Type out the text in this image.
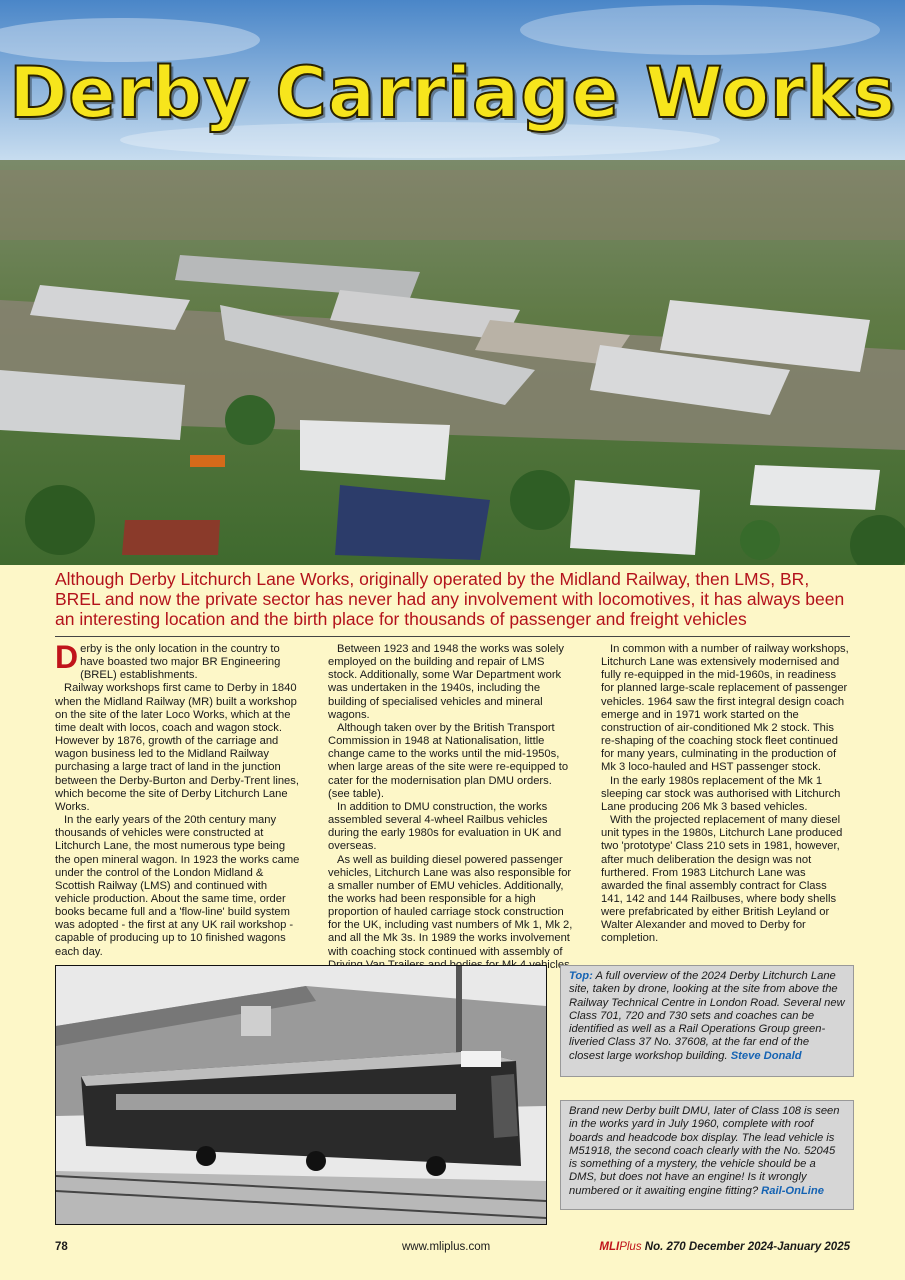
Derby Carriage Works
Although Derby Litchurch Lane Works, originally operated by the Midland Railway, then LMS, BR, BREL and now the private sector has never had any involvement with locomotives, it has always been an interesting location and the birth place for thousands of passenger and freight vehicles

Derby is the only location in the country to have boasted two major BR Engineering (BREL) establishments.

Railway workshops first came to Derby in 1840 when the Midland Railway (MR) built a workshop on the site of the later Loco Works, which at the time dealt with locos, coach and wagon stock. However by 1876, growth of the carriage and wagon business led to the Midland Railway purchasing a large tract of land in the junction between the Derby-Burton and Derby-Trent lines, which become the site of Derby Litchurch Lane Works.

In the early years of the 20th century many thousands of vehicles were constructed at Litchurch Lane, the most numerous type being the open mineral wagon. In 1923 the works came under the control of the London Midland & Scottish Railway (LMS) and continued with vehicle production. About the same time, order books became full and a 'flow-line' build system was adopted - the first at any UK rail workshop - capable of producing up to 10 finished wagons each day.

Between 1923 and 1948 the works was solely employed on the building and repair of LMS stock. Additionally, some War Department work was undertaken in the 1940s, including the building of specialised vehicles and mineral wagons.

Although taken over by the British Transport Commission in 1948 at Nationalisation, little change came to the works until the mid-1950s, when large areas of the site were re-equipped to cater for the modernisation plan DMU orders. (see table).

In addition to DMU construction, the works assembled several 4-wheel Railbus vehicles during the early 1980s for evaluation in UK and overseas.

As well as building diesel powered passenger vehicles, Litchurch Lane was also responsible for a smaller number of EMU vehicles. Additionally, the works had been responsible for a high proportion of hauled carriage stock construction for the UK, including vast numbers of Mk 1, Mk 2, and all the Mk 3s. In 1989 the works involvement with coaching stock continued with assembly of vehicles.

In common with a number of railway workshops, Litchurch Lane was extensively modernised and fully re-equipped in the mid-1960s, in readiness for planned large-scale replacement of passenger vehicles. 1964 saw the first integral design coach emerge and in 1971 work started on the construction of air-conditioned Mk 2 stock. This re-shaping of the coaching stock fleet continued for many years, culminating in the production of Mk 3 loco-hauled and HST passenger stock.

In the early 1980s replacement of the Mk 1 sleeping car stock was authorised with Litchurch Lane producing 206 Mk 3 based vehicles.

With the projected replacement of many diesel unit types in the 1980s, Litchurch Lane produced two 'prototype' Class 210 sets in 1981, however, after much deliberation the design was not furthered. From 1983 Litchurch Lane was awarded the final assembly contract for Class 141, 142 and 144 Railbuses, where body shells were prefabricated by either British Leyland or Walter Alexander and moved to Derby for completion.

Top: A full overview of the 2024 Derby Litchurch Lane site, taken by drone, looking at the site from above the Railway Technical Centre in London Road. Several new Class 701, 720 and 730 sets and coaches can be identified as well as a Rail Operations Group green-liveried Class 37 No. 37608, at the far end of the closest large workshop building. Steve Donald
Brand new Derby built DMU, later of Class 108 is seen in the works yard in July 1960, complete with roof boards and headcode box display. The lead vehicle is M51918, the second coach clearly with the No. 52045 is something of a mystery, the vehicle should be a DMS, but does not have an engine! Is it wrongly numbered or it awaiting engine fitting? Rail-OnLine
78	www.mliplus.com	MLIPlus No. 270 December 2024-January 2025
